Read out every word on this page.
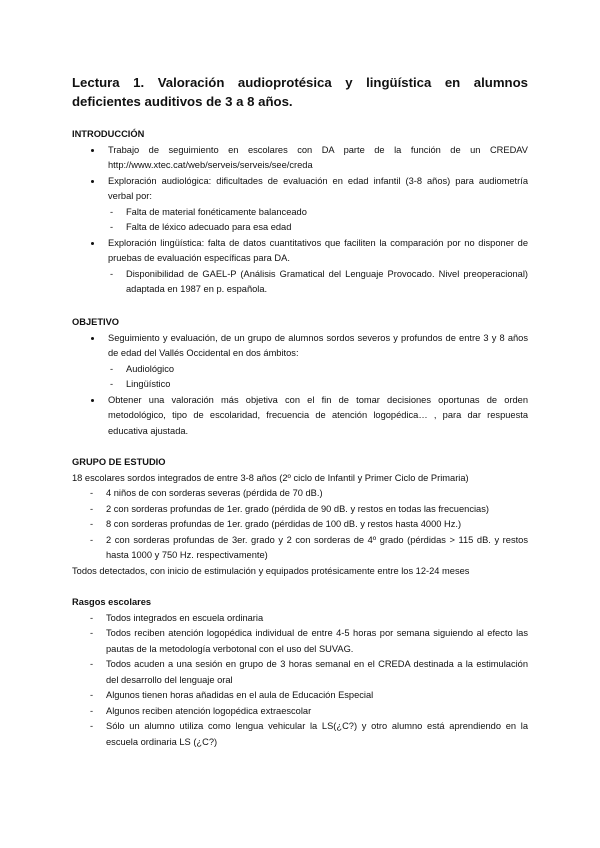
Lectura 1. Valoración audioprotésica y lingüística en alumnos deficientes auditivos de 3 a 8 años.

INTRODUCCIÓN

Trabajo de seguimiento en escolares con DA parte de la función de un CREDAV http://www.xtec.cat/web/serveis/serveis/see/creda
Exploración audiológica: dificultades de evaluación en edad infantil (3-8 años) para audiometría verbal por:
- Falta de material fonéticamente balanceado
- Falta de léxico adecuado para esa edad
Exploración lingüística: falta de datos cuantitativos que faciliten la comparación por no disponer de pruebas de evaluación específicas para DA.
- Disponibilidad de GAEL-P (Análisis Gramatical del Lenguaje Provocado. Nivel preoperacional) adaptada en 1987 en p. española.

OBJETIVO

Seguimiento y evaluación, de un grupo de alumnos sordos severos y profundos de entre 3 y 8 años de edad del Vallés Occidental en dos ámbitos:
- Audiológico
- Lingüístico
Obtener una valoración más objetiva con el fin de tomar decisiones oportunas de orden metodológico, tipo de escolaridad, frecuencia de atención logopédica… , para dar respuesta educativa ajustada.

GRUPO DE ESTUDIO

18 escolares sordos integrados de entre 3-8 años (2º ciclo de Infantil y Primer Ciclo de Primaria)

- 4 niños de con sorderas severas (pérdida de 70 dB.)
- 2 con sorderas profundas de 1er. grado (pérdida de 90 dB. y restos en todas las frecuencias)
- 8 con sorderas profundas de 1er. grado (pérdidas de 100 dB. y restos hasta 4000 Hz.)
- 2 con sorderas profundas de 3er. grado y 2 con sorderas de 4º grado (pérdidas > 115 dB. y restos hasta 1000 y 750 Hz. respectivamente)

Todos detectados, con inicio de estimulación y equipados protésicamente entre los 12-24 meses

Rasgos escolares

- Todos integrados en escuela ordinaria
- Todos reciben atención logopédica individual de entre 4-5 horas por semana siguiendo al efecto las pautas de la metodología verbotonal con el uso del SUVAG.
- Todos acuden a una sesión en grupo de 3 horas semanal en el CREDA destinada a la estimulación del desarrollo del lenguaje oral
- Algunos tienen horas añadidas en el aula de Educación Especial
- Algunos reciben atención logopédica extraescolar
- Sólo un alumno utiliza como lengua vehicular la LS(¿C?) y otro alumno está aprendiendo en la escuela ordinaria LS (¿C?)
